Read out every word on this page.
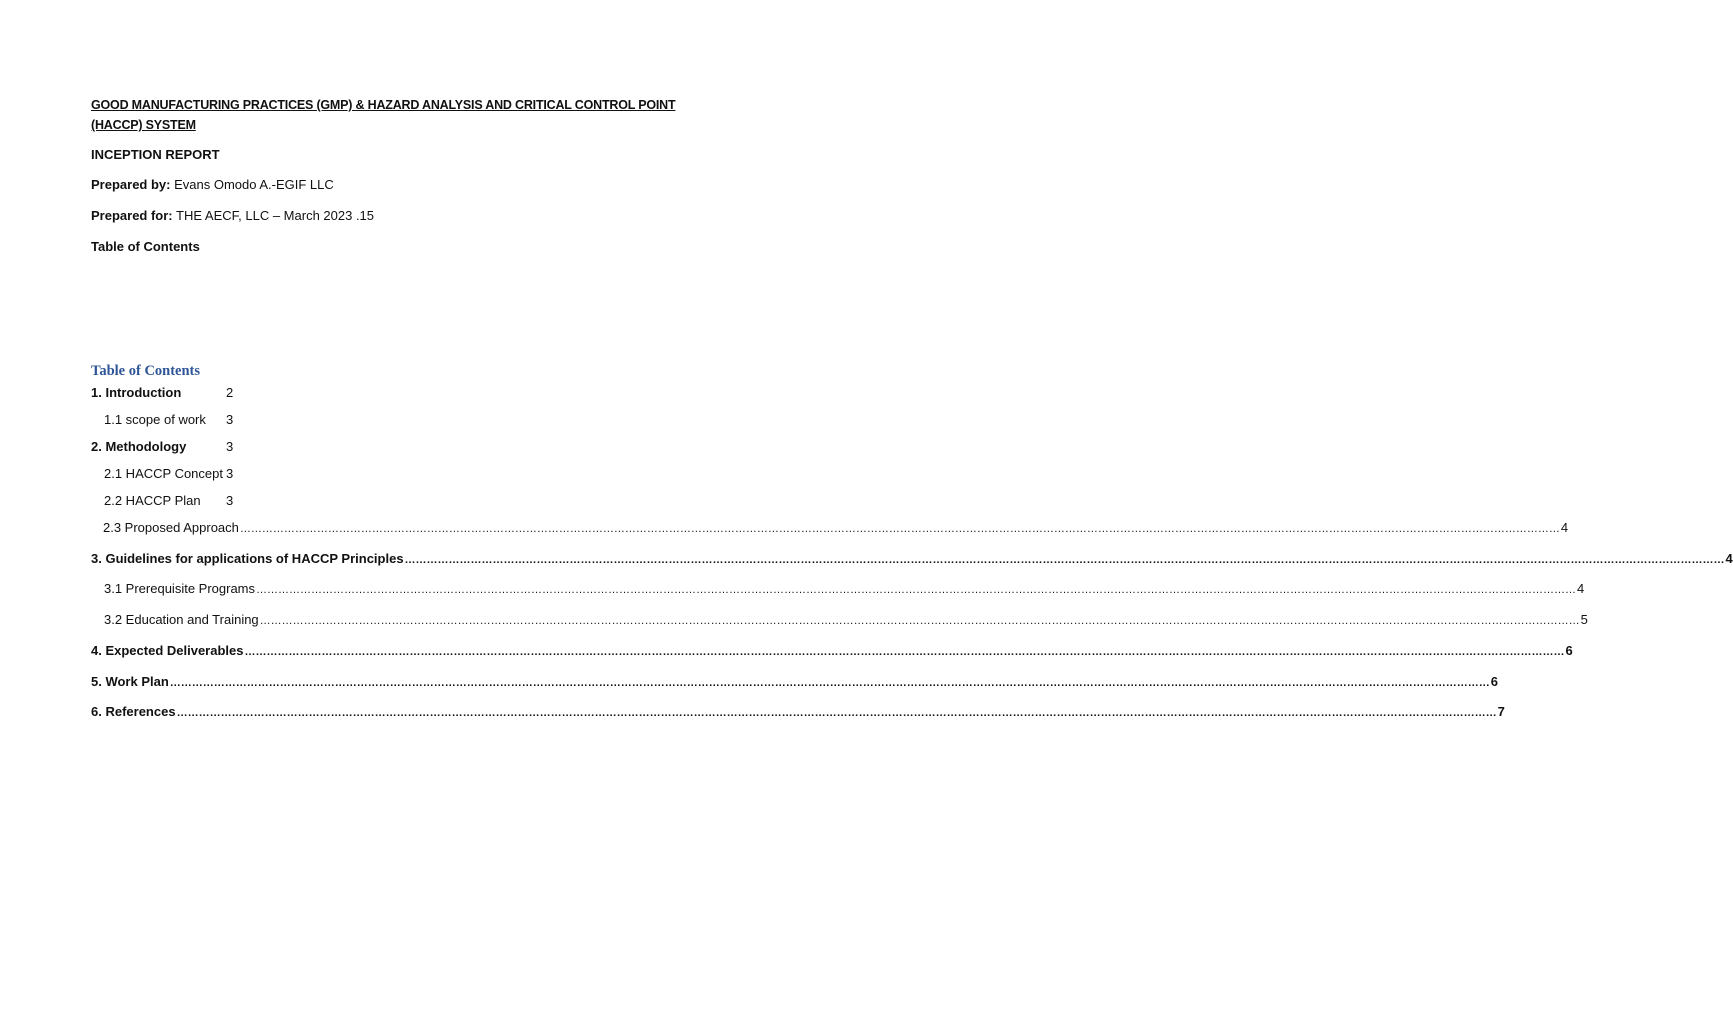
GOOD MANUFACTURING PRACTICES (GMP) & HAZARD ANALYSIS AND CRITICAL CONTROL POINT (HACCP) SYSTEM
INCEPTION REPORT
Prepared by: Evans Omodo A.-EGIF LLC
Prepared for: THE AECF, LLC – March 2023 .15
Table of Contents
Table of Contents
1. Introduction	2
1.1 scope of work 3
2. Methodology	3
2.1 HACCP Concept 3
2.2 HACCP Plan 3
2.3 Proposed Approach ……………………………………………………………………………………………………………………………………………………………………………………………………………………………………………………………………………………………………………………………… 4
3. Guidelines for applications of HACCP Principles ……………………………………………………………………………………………………………………………………………………………………………………………………………………………………………………………………………………………………………………………… 4
3.1 Prerequisite Programs ……………………………………………………………………………………………………………………………………………………………………………………………………………………………………………………………………………………………………………………………… 4
3.2 Education and Training ……………………………………………………………………………………………………………………………………………………………………………………………………………………………………………………………………………………………………………………………… 5
4. Expected Deliverables ……………………………………………………………………………………………………………………………………………………………………………………………………………………………………………………………………………………………………………………………… 6
5. Work Plan ……………………………………………………………………………………………………………………………………………………………………………………………………………………………………………………………………………………………………………………………… 6
6. References ……………………………………………………………………………………………………………………………………………………………………………………………………………………………………………………………………………………………………………………………… 7
